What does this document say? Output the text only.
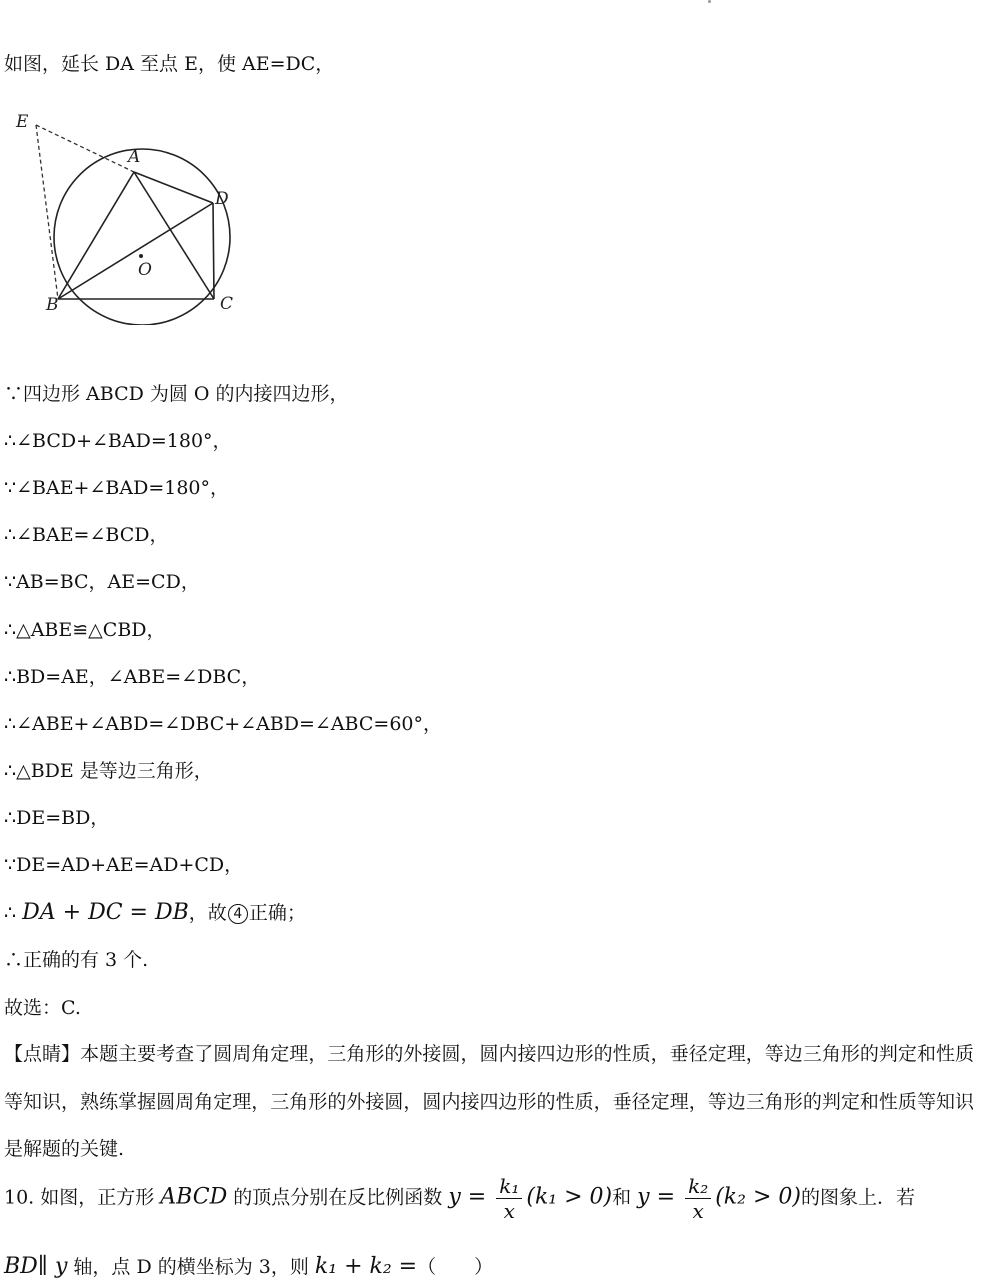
如图，延长 DA 至点 E，使 AE=DC，
E
A
D
O
B	C
∵四边形 ABCD 为圆 O 的内接四边形，
∴∠BCD+∠BAD=180°，
∵∠BAE+∠BAD=180°，
∴∠BAE=∠BCD，
∵AB=BC，AE=CD，
∴△ABE≌△CBD，
∴BD=AE，∠ABE=∠DBC，
∴∠ABE+∠ABD=∠DBC+∠ABD=∠ABC=60°，
∴△BDE 是等边三角形，
∴DE=BD，
∵DE=AD+AE=AD+CD，
∴ DA + DC = DB，故 4 正确；
∴正确的有 3 个.
故选：C.
【点睛】本题主要考查了圆周角定理，三角形的外接圆，圆内接四边形的性质，垂径定理，等边三角形的判定和性质等知识，熟练掌握圆周角定理，三角形的外接圆，圆内接四边形的性质，垂径定理，等边三角形的判定和性质等知识是解题的关键.
10. 如图，正方形 ABCD 的顶点分别在反比例函数 $y = \frac{\text{k₁}}{x} (k_1 > 0)$和 $y = \frac{\text{k₂}}{x} (k_2 > 0)$的图象上．若
BD∥ y 轴，点 D 的横坐标为 3，则 k₁ + k₂ =（　　）
